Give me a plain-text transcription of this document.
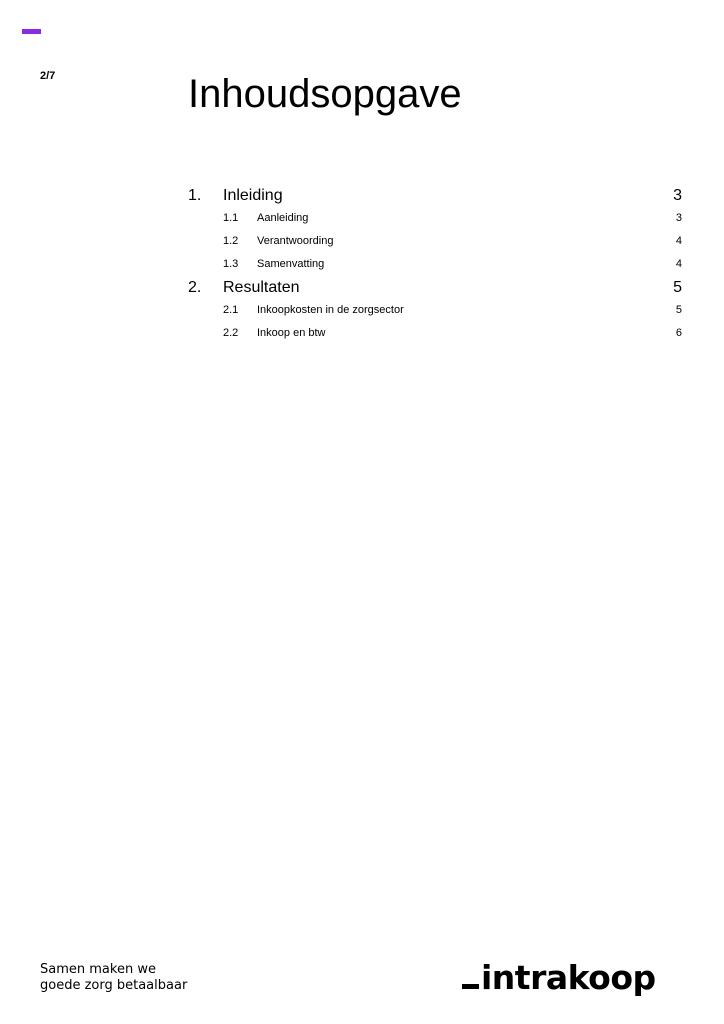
2/7	Inhoudsopgave
1. Inleiding	3
1.1 Aanleiding	3
1.2 Verantwoording	4
1.3 Samenvatting	4
2. Resultaten	5
2.1 Inkoopkosten in de zorgsector	5
2.2 Inkoop en btw	6
Samen maken we
goede zorg betaalbaar	intrakoop
